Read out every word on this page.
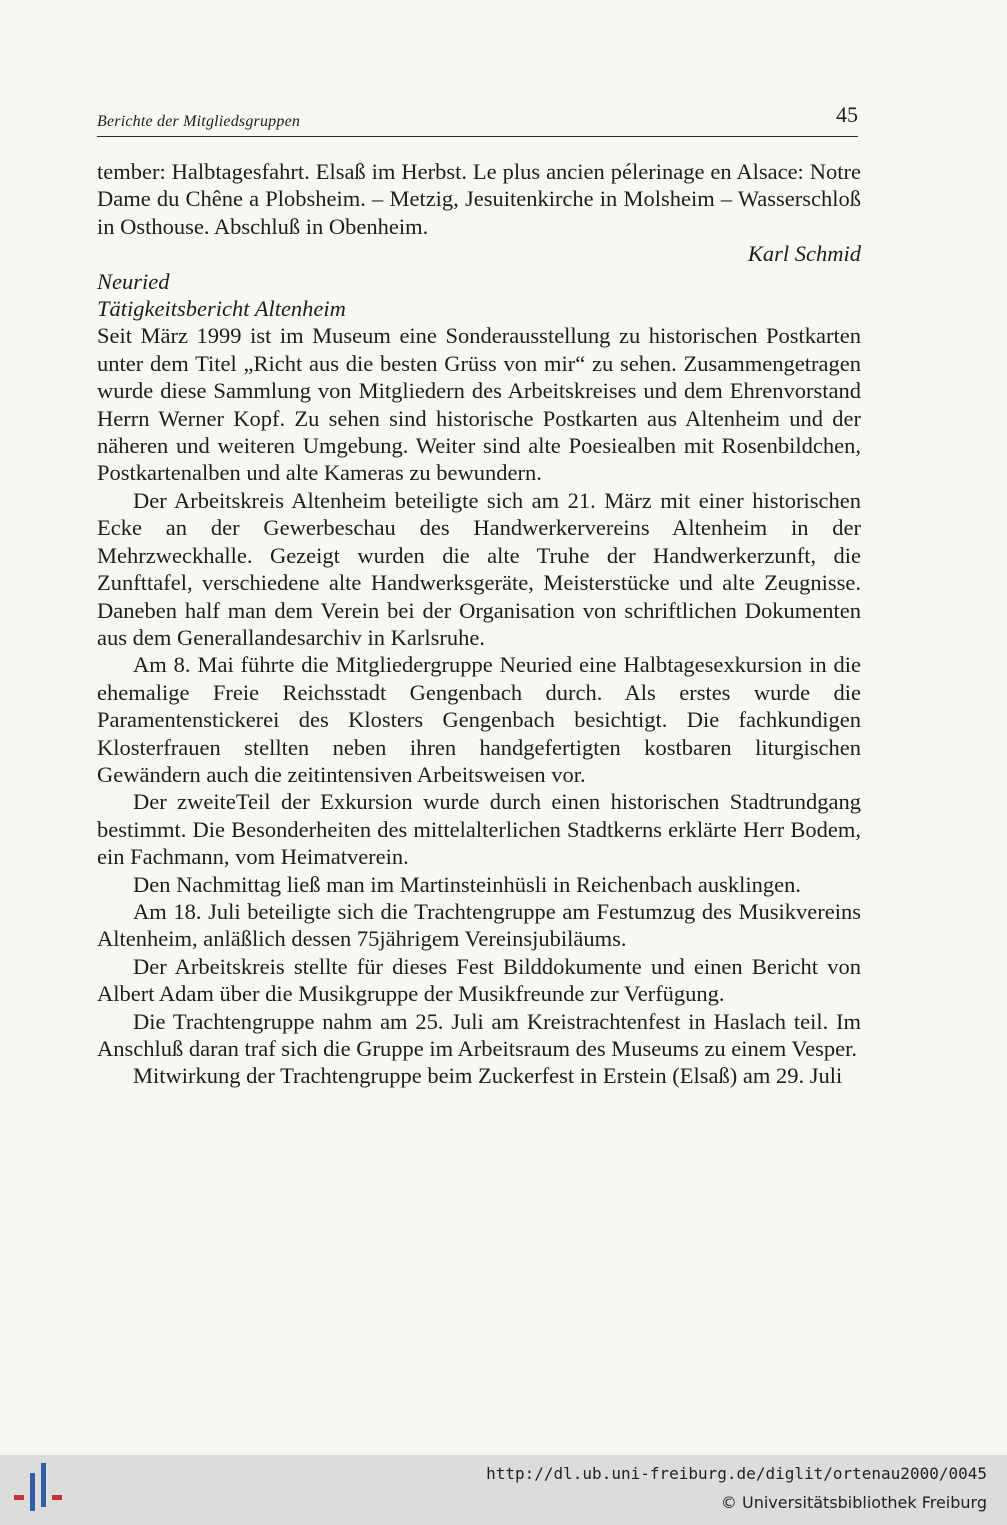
Berichte der Mitgliedsgruppen	45

tember: Halbtagesfahrt. Elsaß im Herbst. Le plus ancien pélerinage en Alsace: Notre Dame du Chêne a Plobsheim. – Metzig, Jesuitenkirche in Molsheim – Wasserschloß in Osthouse. Abschluß in Obenheim.

Karl Schmid

Neuried

Tätigkeitsbericht Altenheim

Seit März 1999 ist im Museum eine Sonderausstellung zu historischen Postkarten unter dem Titel „Richt aus die besten Grüss von mir“ zu sehen. Zusammengetragen wurde diese Sammlung von Mitgliedern des Arbeitskreises und dem Ehrenvorstand Herrn Werner Kopf. Zu sehen sind historische Postkarten aus Altenheim und der näheren und weiteren Umgebung. Weiter sind alte Poesiealben mit Rosenbildchen, Postkartenalben und alte Kameras zu bewundern.

Der Arbeitskreis Altenheim beteiligte sich am 21. März mit einer historischen Ecke an der Gewerbeschau des Handwerkervereins Altenheim in der Mehrzweckhalle. Gezeigt wurden die alte Truhe der Handwerkerzunft, die Zunfttafel, verschiedene alte Handwerksgeräte, Meisterstücke und alte Zeugnisse. Daneben half man dem Verein bei der Organisation von schriftlichen Dokumenten aus dem Generallandesarchiv in Karlsruhe.

Am 8. Mai führte die Mitgliedergruppe Neuried eine Halbtagesexkursion in die ehemalige Freie Reichsstadt Gengenbach durch. Als erstes wurde die Paramentenstickerei des Klosters Gengenbach besichtigt. Die fachkundigen Klosterfrauen stellten neben ihren handgefertigten kostbaren liturgischen Gewändern auch die zeitintensiven Arbeitsweisen vor.

Der zweiteTeil der Exkursion wurde durch einen historischen Stadtrundgang bestimmt. Die Besonderheiten des mittelalterlichen Stadtkerns erklärte Herr Bodem, ein Fachmann, vom Heimatverein.

Den Nachmittag ließ man im Martinsteinhüsli in Reichenbach ausklingen.

Am 18. Juli beteiligte sich die Trachtengruppe am Festumzug des Musikvereins Altenheim, anläßlich dessen 75jährigem Vereinsjubiläums.

Der Arbeitskreis stellte für dieses Fest Bilddokumente und einen Bericht von Albert Adam über die Musikgruppe der Musikfreunde zur Verfügung.

Die Trachtengruppe nahm am 25. Juli am Kreistrachtenfest in Haslach teil. Im Anschluß daran traf sich die Gruppe im Arbeitsraum des Museums zu einem Vesper.

Mitwirkung der Trachtengruppe beim Zuckerfest in Erstein (Elsaß) am 29. Juli

http://dl.ub.uni-freiburg.de/diglit/ortenau2000/0045
© Universitätsbibliothek Freiburg
